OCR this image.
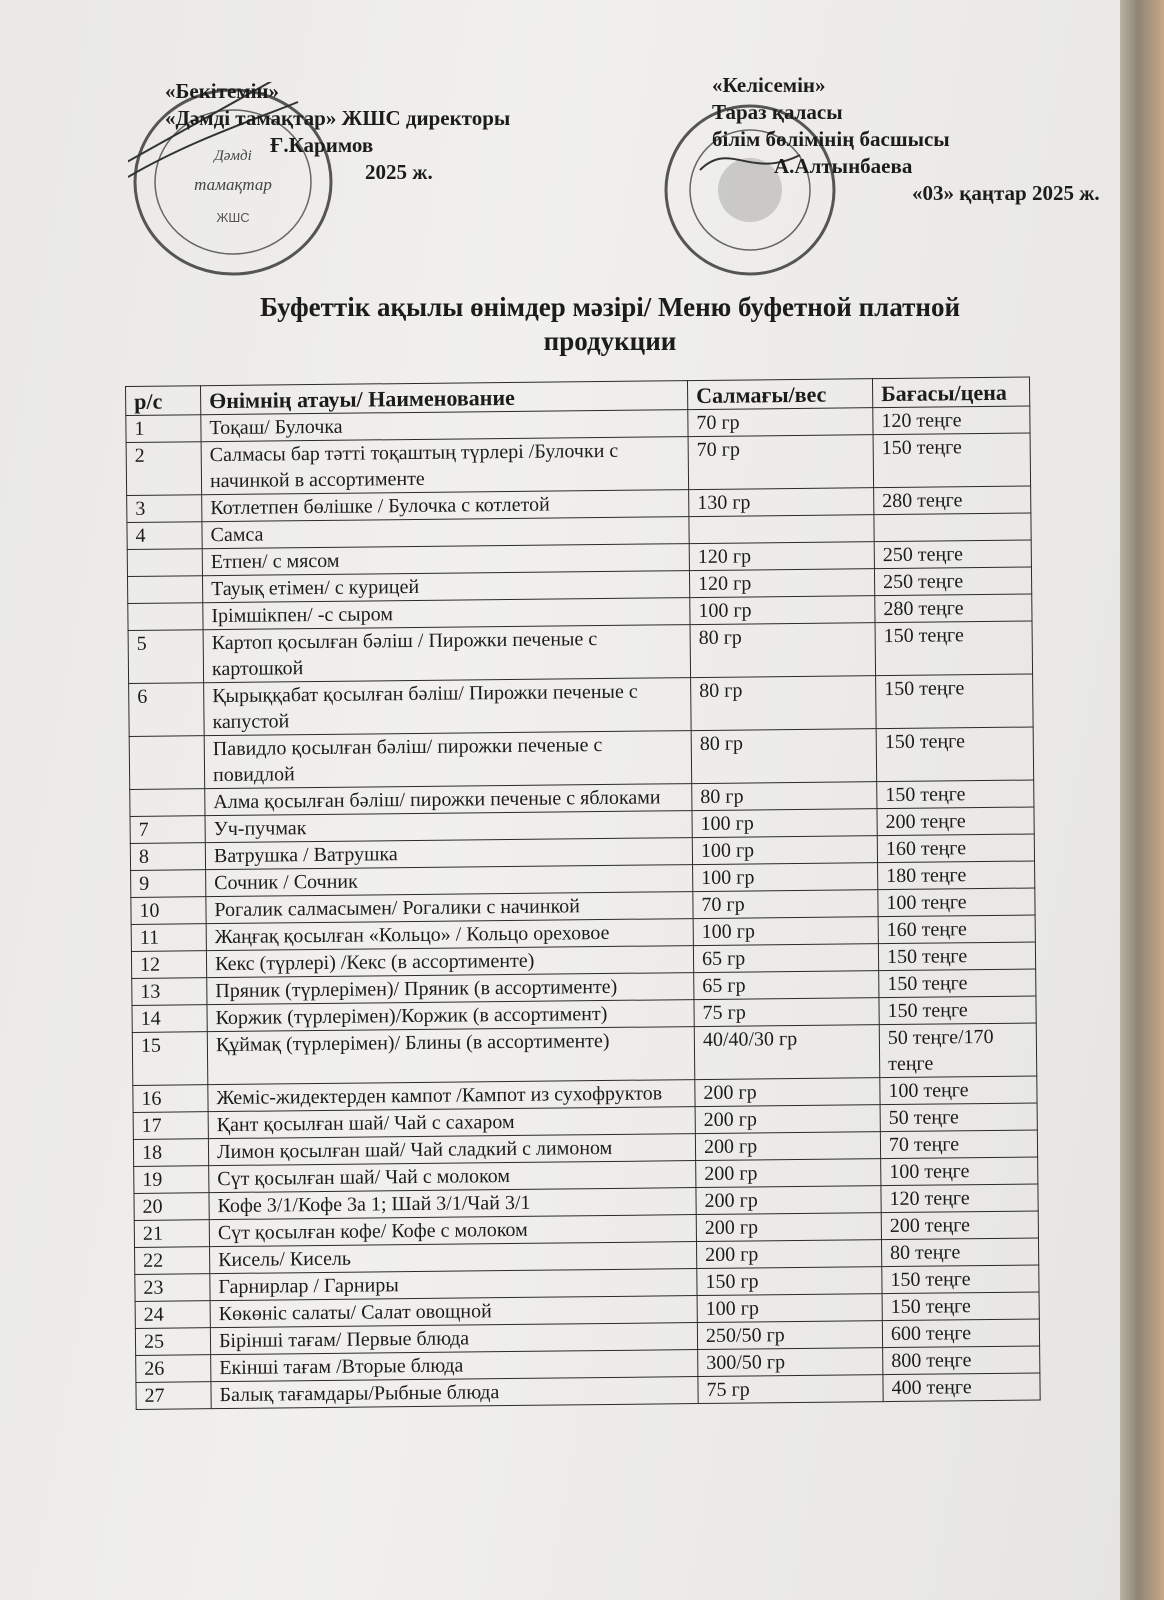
Дәмді
тамақтар
ЖШС
«Бекітемін»
«Дәмді тамақтар» ЖШС директоры
Ғ.Каримов
2025 ж.
«Келісемін»
Тараз қаласы
білім бөлімінің басшысы
А.Алтынбаева
«03» қаңтар 2025 ж.
Буфеттік ақылы өнімдер мәзірі/ Меню буфетной платной продукции
р/с	Өнімнің атауы/ Наименование	Салмағы/вес	Бағасы/цена
1	Тоқаш/ Булочка	70 гр	120 теңге
2	Салмасы бар тәтті тоқаштың түрлері /Булочки с начинкой в ассортименте	70 гр	150 теңге
3	Котлетпен бөлішке / Булочка с котлетой	130 гр	280 теңге
4	Самса		
	Етпен/ с мясом	120 гр	250 теңге
	Тауық етімен/ с курицей	120 гр	250 теңге
	Ірімшікпен/ -с сыром	100 гр	280 теңге
5	Картоп қосылған бәліш / Пирожки печеные с картошкой	80 гр	150 теңге
6	Қырыққабат қосылған бәліш/ Пирожки печеные с капустой	80 гр	150 теңге
	Павидло қосылған бәліш/ пирожки печеные с повидлой	80 гр	150 теңге
	Алма қосылған бәліш/ пирожки печеные с яблоками	80 гр	150 теңге
7	Уч-пучмак	100 гр	200 теңге
8	Ватрушка / Ватрушка	100 гр	160 теңге
9	Сочник / Сочник	100 гр	180 теңге
10	Рогалик салмасымен/ Рогалики с начинкой	70 гр	100 теңге
11	Жаңғақ қосылған «Кольцо» / Кольцо ореховое	100 гр	160 теңге
12	Кекс (түрлері) /Кекс (в ассортименте)	65 гр	150 теңге
13	Пряник (түрлерімен)/ Пряник (в ассортименте)	65 гр	150 теңге
14	Коржик (түрлерімен)/Коржик (в ассортимент)	75 гр	150 теңге
15	Құймақ (түрлерімен)/ Блины (в ассортименте)	40/40/30 гр	50 теңге/170 теңге
16	Жеміс-жидектерден кампот /Кампот из сухофруктов	200 гр	100 теңге
17	Қант қосылған шай/ Чай с сахаром	200 гр	50 теңге
18	Лимон қосылған шай/ Чай сладкий с лимоном	200 гр	70 теңге
19	Сүт қосылған шай/ Чай с молоком	200 гр	100 теңге
20	Кофе 3/1/Кофе 3а 1; Шай 3/1/Чай 3/1	200 гр	120 теңге
21	Сүт қосылған кофе/ Кофе с молоком	200 гр	200 теңге
22	Кисель/ Кисель	200 гр	80 теңге
23	Гарнирлар / Гарниры	150 гр	150 теңге
24	Көкөніс салаты/ Салат овощной	100 гр	150 теңге
25	Бірінші тағам/ Первые блюда	250/50 гр	600 теңге
26	Екінші тағам /Вторые блюда	300/50 гр	800 теңге
27	Балық тағамдары/Рыбные блюда	75 гр	400 теңге
